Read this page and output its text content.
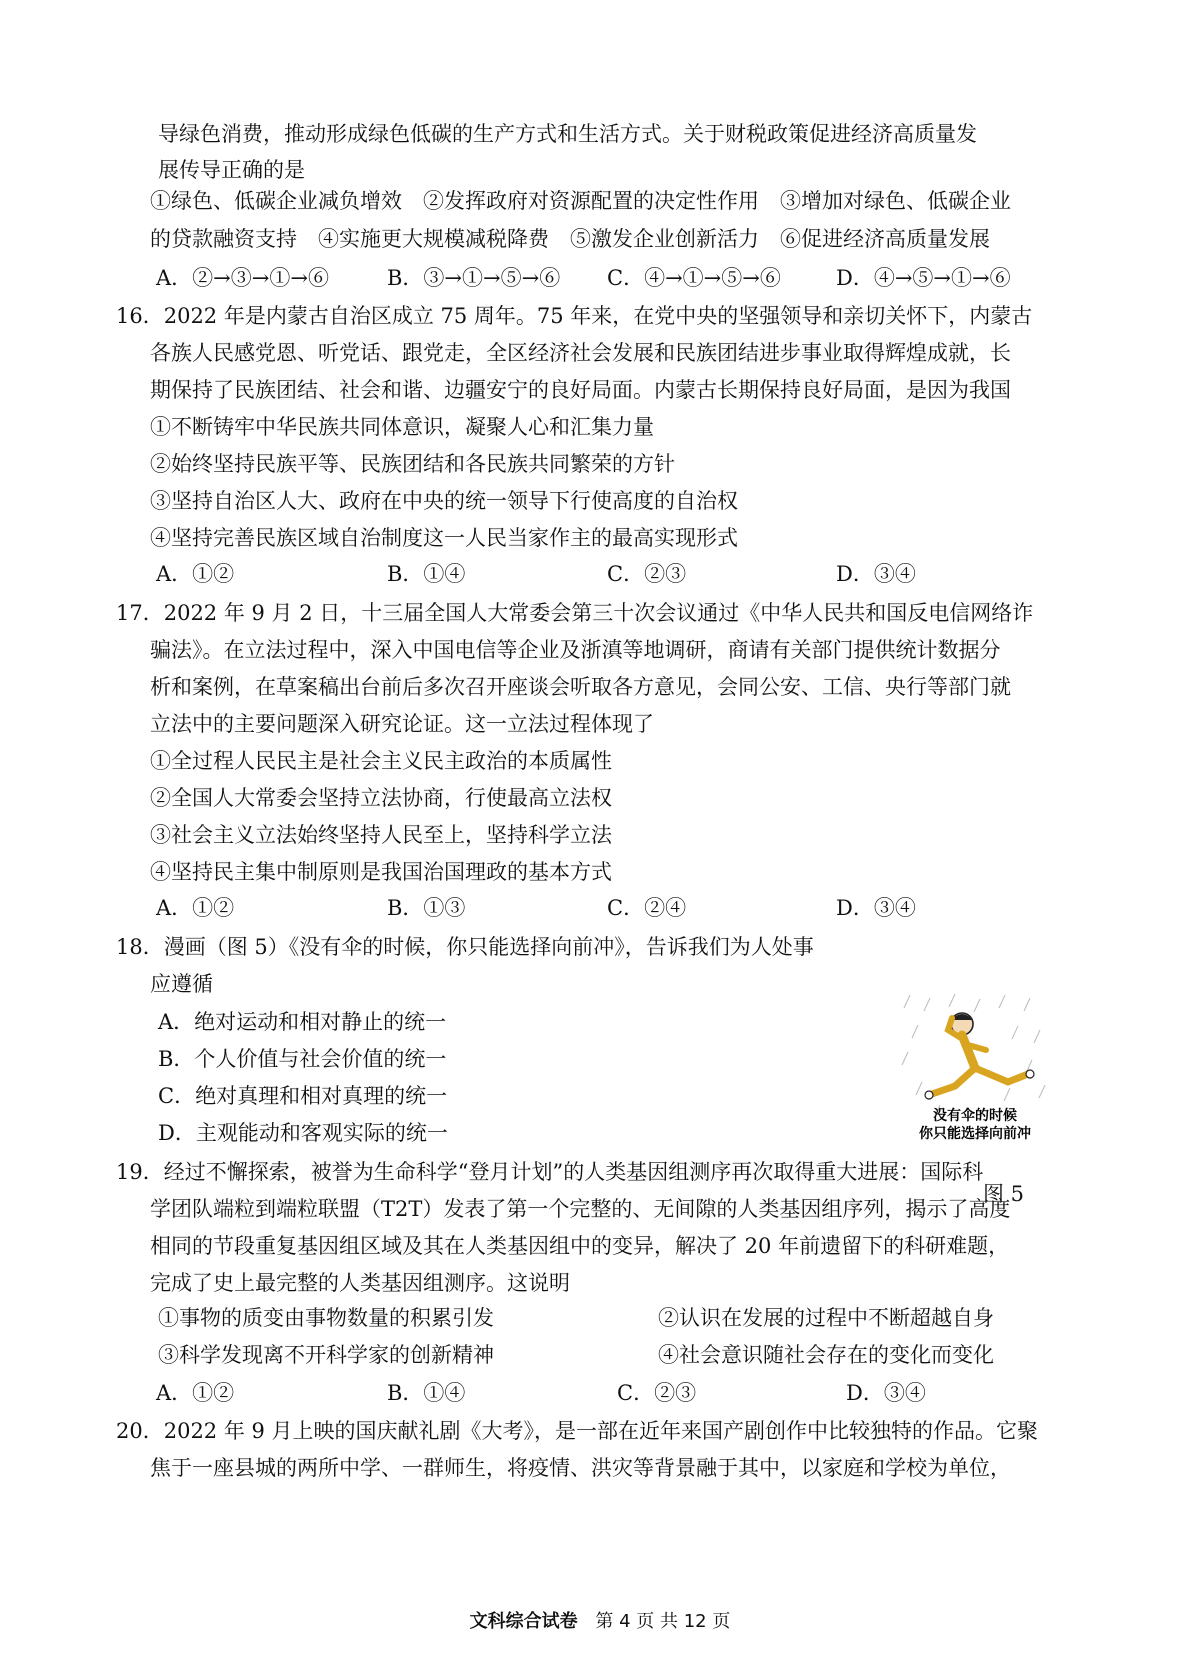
导绿色消费，推动形成绿色低碳的生产方式和生活方式。关于财税政策促进经济高质量发

展传导正确的是

①绿色、低碳企业减负增效　②发挥政府对资源配置的决定性作用　③增加对绿色、低碳企业

的贷款融资支持　④实施更大规模减税降费　⑤激发企业创新活力　⑥促进经济高质量发展

A．②→③→①→⑥	B．③→①→⑤→⑥ C．④→①→⑤→⑥	D．④→⑤→①→⑥

16．2022 年是内蒙古自治区成立 75 周年。75 年来，在党中央的坚强领导和亲切关怀下，内蒙古

各族人民感党恩、听党话、跟党走，全区经济社会发展和民族团结进步事业取得辉煌成就，长

期保持了民族团结、社会和谐、边疆安宁的良好局面。内蒙古长期保持良好局面，是因为我国

①不断铸牢中华民族共同体意识，凝聚人心和汇集力量

②始终坚持民族平等、民族团结和各民族共同繁荣的方针

③坚持自治区人大、政府在中央的统一领导下行使高度的自治权

④坚持完善民族区域自治制度这一人民当家作主的最高实现形式

A．①②	B．①④	C．②③	D．③④

17．2022 年 9 月 2 日，十三届全国人大常委会第三十次会议通过《中华人民共和国反电信网络诈

骗法》。在立法过程中，深入中国电信等企业及浙滇等地调研，商请有关部门提供统计数据分

析和案例，在草案稿出台前后多次召开座谈会听取各方意见，会同公安、工信、央行等部门就

立法中的主要问题深入研究论证。这一立法过程体现了

①全过程人民民主是社会主义民主政治的本质属性

②全国人大常委会坚持立法协商，行使最高立法权

③社会主义立法始终坚持人民至上，坚持科学立法

④坚持民主集中制原则是我国治国理政的基本方式

A．①②	B．①③	C．②④	D．③④

18．漫画（图 5）《没有伞的时候，你只能选择向前冲》，告诉我们为人处事

应遵循

A．绝对运动和相对静止的统一
B．个人价值与社会价值的统一
C．绝对真理和相对真理的统一
D．主观能动和客观实际的统一
没有伞的时候
你只能选择向前冲
图 5

19．经过不懈探索，被誉为生命科学“登月计划”的人类基因组测序再次取得重大进展：国际科

学团队端粒到端粒联盟（T2T）发表了第一个完整的、无间隙的人类基因组序列，揭示了高度

相同的节段重复基因组区域及其在人类基因组中的变异，解决了 20 年前遗留下的科研难题，

完成了史上最完整的人类基因组测序。这说明

①事物的质变由事物数量的积累引发	②认识在发展的过程中不断超越自身
③科学发现离不开科学家的创新精神	④社会意识随社会存在的变化而变化
A．①②	B．①④	C．②③	D．③④

20．2022 年 9 月上映的国庆献礼剧《大考》，是一部在近年来国产剧创作中比较独特的作品。它聚

焦于一座县城的两所中学、一群师生，将疫情、洪灾等背景融于其中，以家庭和学校为单位，

文科综合试卷 第 4 页 共 12 页
